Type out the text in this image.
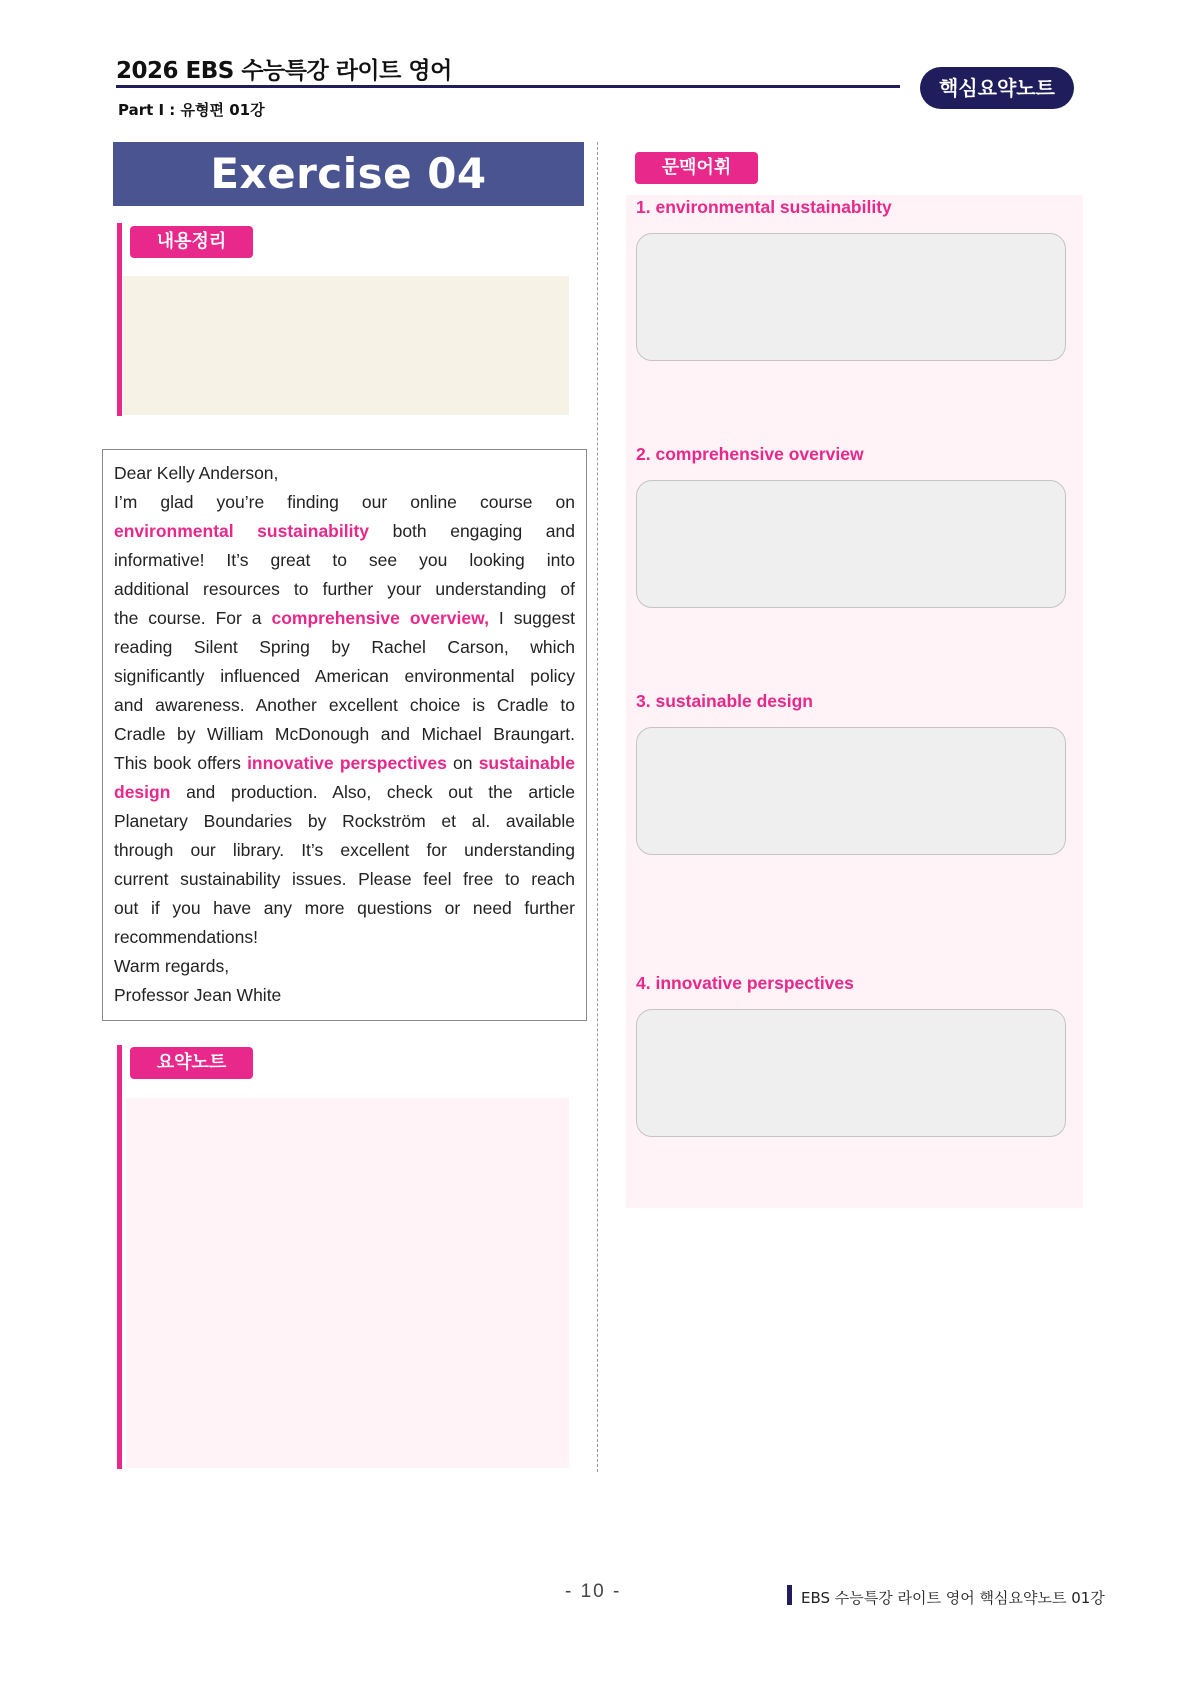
2026 EBS 수능특강 라이트 영어
Part Ⅰ : 유형편 01강
핵심요약노트
Exercise 04
내용정리
Dear Kelly Anderson,
I’m glad you’re finding our online course on
environmental sustainability both engaging and
informative! It’s great to see you looking into
additional resources to further your understanding of
the course. For a comprehensive overview, I suggest
reading Silent Spring by Rachel Carson, which
significantly influenced American environmental policy
and awareness. Another excellent choice is Cradle to
Cradle by William McDonough and Michael Braungart.
This book offers innovative perspectives on sustainable
design and production. Also, check out the article
Planetary Boundaries by Rockström et al. available
through our library. It’s excellent for understanding
current sustainability issues. Please feel free to reach
out if you have any more questions or need further
recommendations!
Warm regards,
Professor Jean White
요약노트
문맥어휘
1. environmental sustainability
2. comprehensive overview
3. sustainable design
4. innovative perspectives
- 10 -	EBS 수능특강 라이트 영어 핵심요약노트 01강
